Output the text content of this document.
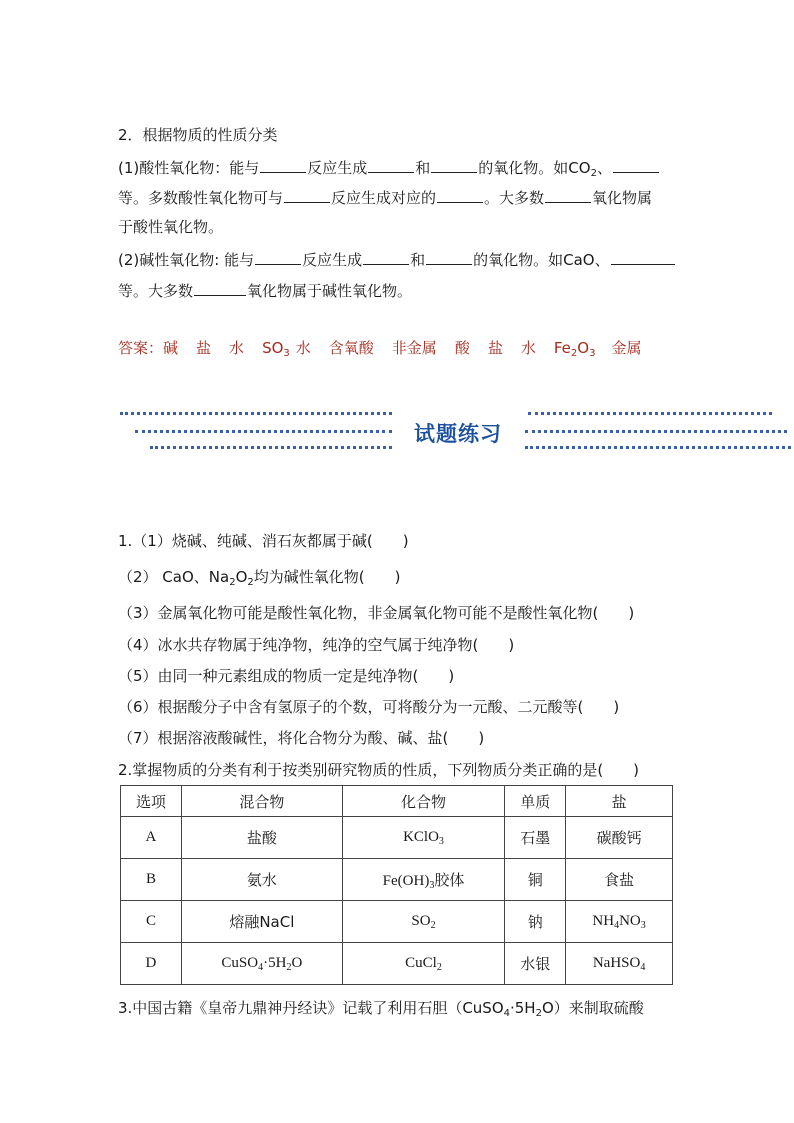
2．根据物质的性质分类
(1)酸性氧化物：能与	反应生成	和	的氧化物。如$CO_2$、
等。多数酸性氧化物可与	反应生成对应的	。大多数	氧化物属
于酸性氧化物。
(2)碱性氧化物: 能与	反应生成	和	的氧化物。如CaO、
等。大多数	氧化物属于碱性氧化物。
答案：碱 盐 水 $SO_3$ 水 含氧酸 非金属 酸 盐 水 $Fe_2O_3$ 金属
试题练习
1.（1）烧碱、纯碱、消石灰都属于碱(　　)
（2） CaO、$Na_2O_2$均为碱性氧化物(　　)
（3）金属氧化物可能是酸性氧化物，非金属氧化物可能不是酸性氧化物(　　)
（4）冰水共存物属于纯净物，纯净的空气属于纯净物(　　)
（5）由同一种元素组成的物质一定是纯净物(　　)
（6）根据酸分子中含有氢原子的个数，可将酸分为一元酸、二元酸等(　　)
（7）根据溶液酸碱性，将化合物分为酸、碱、盐(　　)
2.掌握物质的分类有利于按类别研究物质的性质，下列物质分类正确的是(　　)
选项	混合物	化合物	单质	盐
A	盐酸	KClO$_3$	石墨	碳酸钙
B	氨水	$Fe(OH)_3$胶体	铜	食盐
C	熔融NaCl	$SO_2$	钠	$NH_4NO_3$
D	$CuSO_4\cdot 5H_2O$	CuCl$_2$	水银	NaHSO$_4$
3.中国古籍《皇帝九鼎神丹经诀》记载了利用石胆$(CuSO_4\cdot 5H_2O)$来制取硫酸
